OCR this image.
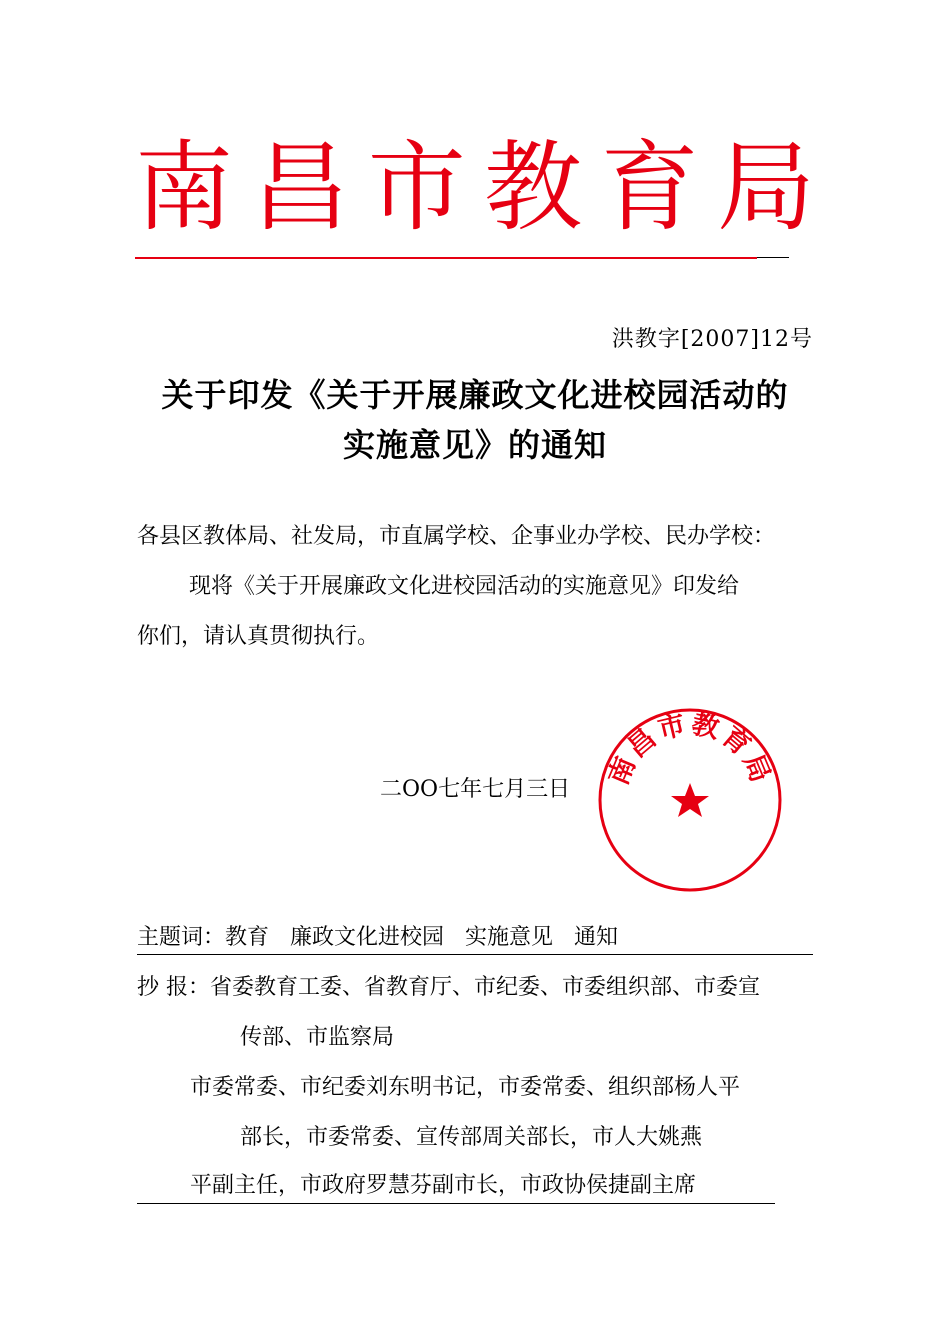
南 昌 市 教 育 局
洪教字[2007]12号
关于印发《关于开展廉政文化进校园活动的
实施意见》的通知
各县区教体局、社发局，市直属学校、企事业办学校、民办学校：
现将《关于开展廉政文化进校园活动的实施意见》印发给
你们，请认真贯彻执行。
二OO七年七月三日
南昌市教育局
主题词：教育   廉政文化进校园   实施意见   通知
抄 报：省委教育工委、省教育厅、市纪委、市委组织部、市委宣
传部、市监察局
市委常委、市纪委刘东明书记，市委常委、组织部杨人平
部长，市委常委、宣传部周关部长，市人大姚燕
平副主任，市政府罗慧芬副市长，市政协侯捷副主席
